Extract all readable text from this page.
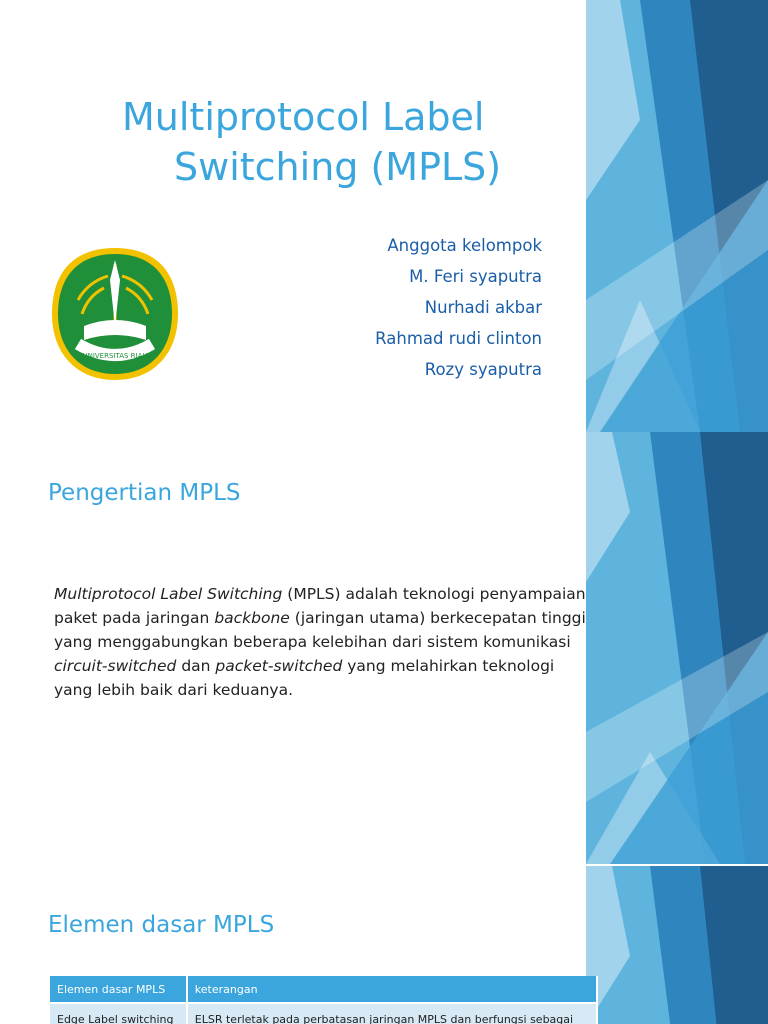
Multiprotocol Label
Switching (MPLS)
Anggota kelompok
M. Feri syaputra
Nurhadi akbar
Rahmad rudi clinton
Rozy syaputra
UNIVERSITAS RIAU
Pengertian MPLS

Multiprotocol Label Switching (MPLS) adalah teknologi penyampaian paket pada jaringan backbone (jaringan utama) berkecepatan tinggi yang menggabungkan beberapa kelebihan dari sistem komunikasi circuit-switched dan packet-switched yang melahirkan teknologi yang lebih baik dari keduanya.

Elemen dasar MPLS
Elemen dasar MPLS	keterangan
Edge Label switching	ELSR terletak pada perbatasan jaringan MPLS dan berfungsi sebagai
